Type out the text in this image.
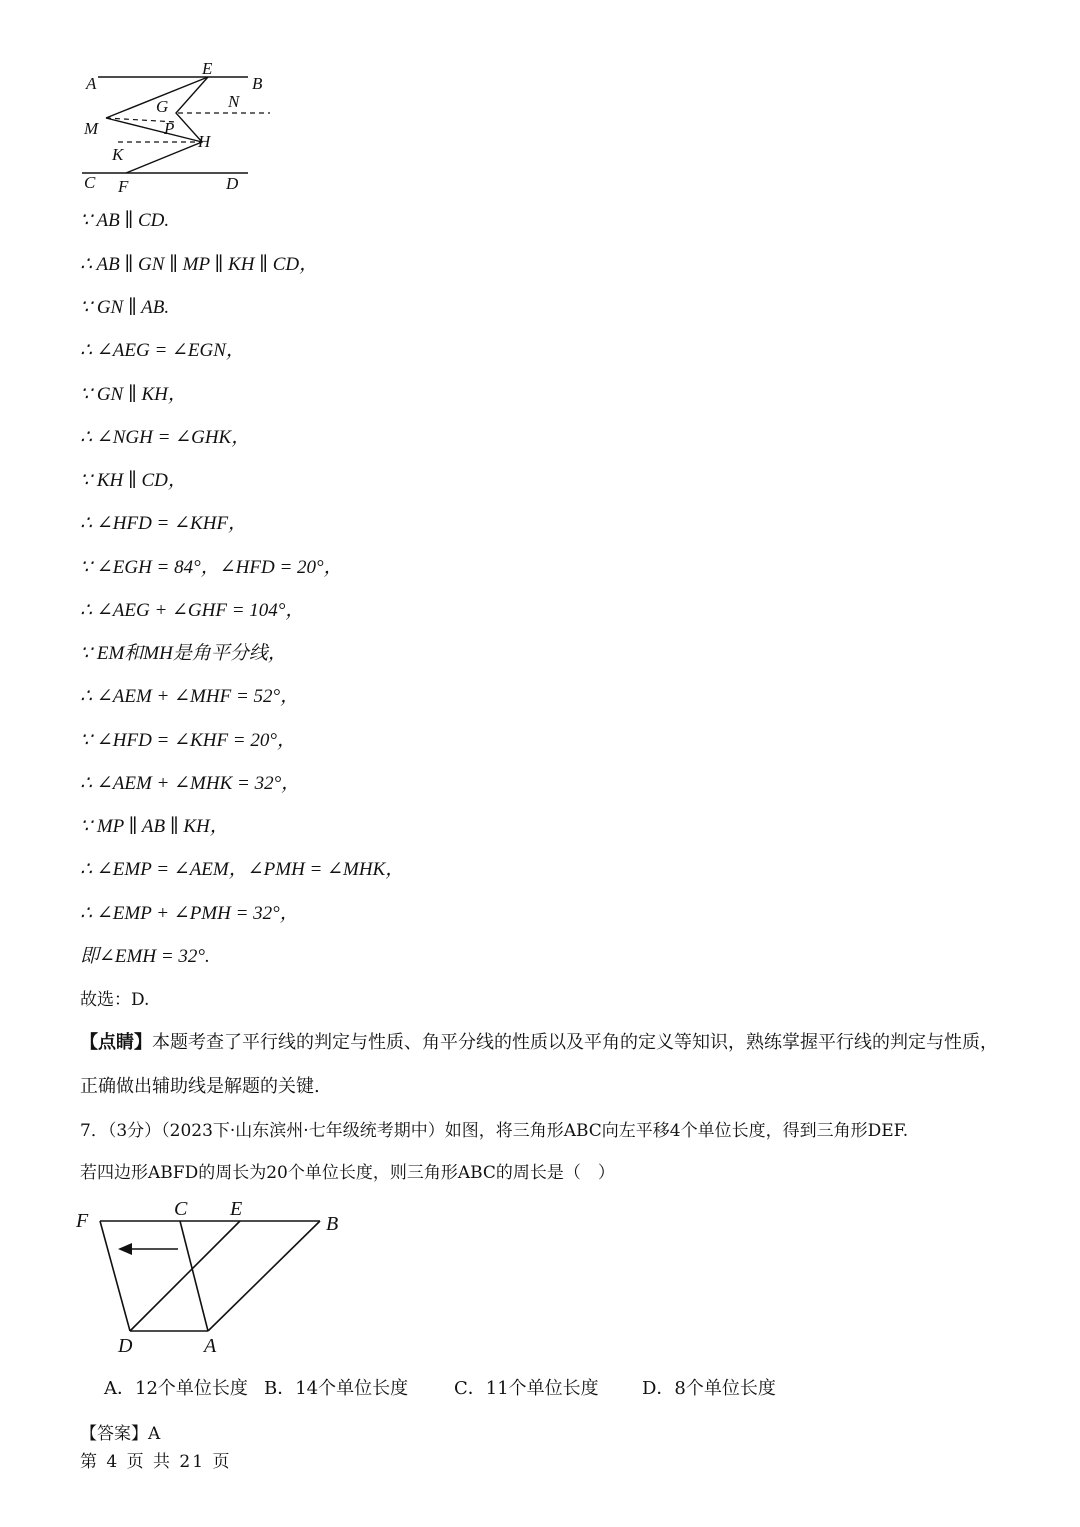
A
E
B
G	N
M	P
H
K
C F	D
∵ AB ∥ CD.
∴ AB ∥ GN ∥ MP ∥ KH ∥ CD，
∵ GN ∥ AB.
∴ ∠AEG = ∠EGN，
∵ GN ∥ KH，
∴ ∠NGH = ∠GHK，
∵ KH ∥ CD，
∴ ∠HFD = ∠KHF，
∵ ∠EGH = 84°，∠HFD = 20°，
∴ ∠AEG + ∠GHF = 104°，
∵ EM和MH是角平分线，
∴ ∠AEM + ∠MHF = 52°，
∵ ∠HFD = ∠KHF = 20°，
∴ ∠AEM + ∠MHK = 32°，
∵ MP ∥ AB ∥ KH，
∴ ∠EMP = ∠AEM，∠PMH = ∠MHK，
∴ ∠EMP + ∠PMH = 32°，
即∠EMH = 32°.
故选：D.
【点睛】本题考查了平行线的判定与性质、角平分线的性质以及平角的定义等知识，熟练掌握平行线的判定与性质，正确做出辅助线是解题的关键.
7．（3分）（2023下·山东滨州·七年级统考期中）如图，将三角形ABC向左平移4个单位长度，得到三角形DEF.
若四边形ABFD的周长为20个单位长度，则三角形ABC的周长是（　）
F
C E
B
D	A
A．12个单位长度 B．14个单位长度	C．11个单位长度 D．8个单位长度
【答案】A
第 4 页 共 21 页
